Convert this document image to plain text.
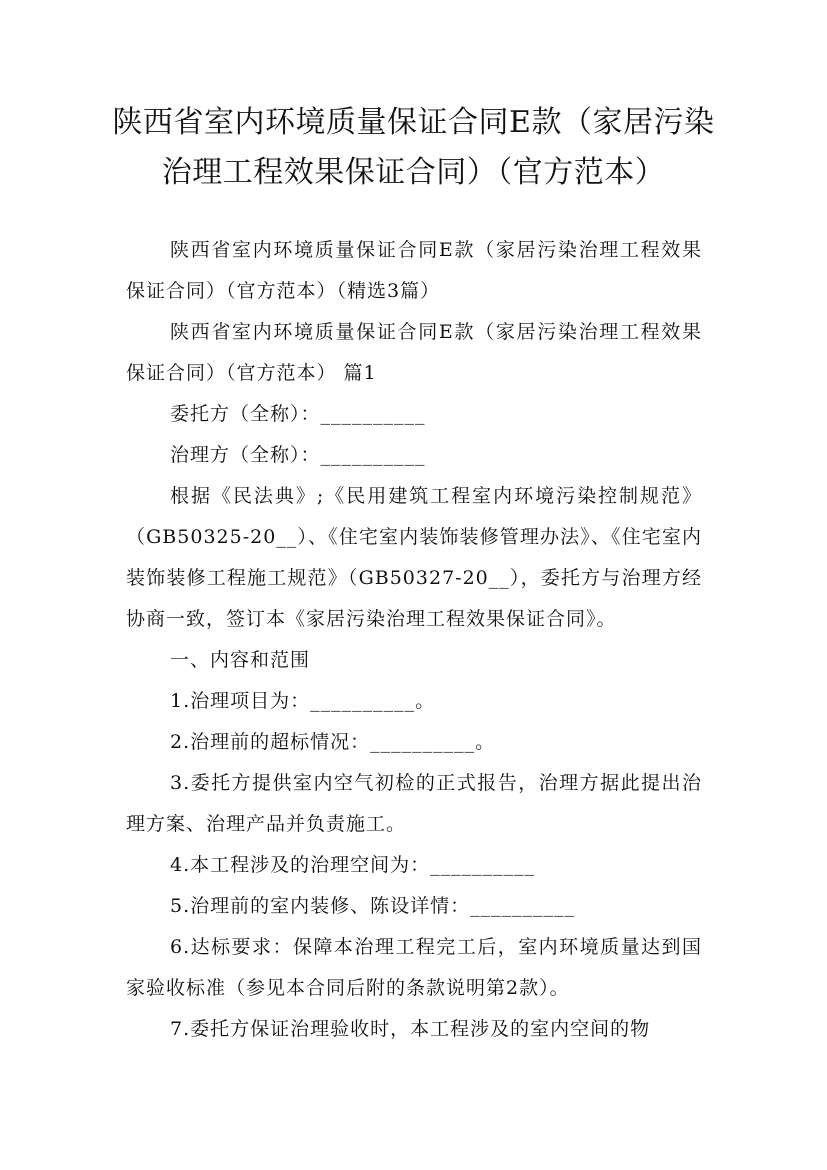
陕西省室内环境质量保证合同E款（家居污染治理工程效果保证合同）（官方范本）

陕西省室内环境质量保证合同E款（家居污染治理工程效果保证合同）（官方范本）（精选3篇）

陕西省室内环境质量保证合同E款（家居污染治理工程效果保证合同）（官方范本） 篇1

委托方（全称）：__________

治理方（全称）：__________

根据《民法典》;《民用建筑工程室内环境污染控制规范》（GB50325-20__）、《住宅室内装饰装修管理办法》、《住宅室内装饰装修工程施工规范》（GB50327-20__），委托方与治理方经协商一致，签订本《家居污染治理工程效果保证合同》。

一、内容和范围

1.治理项目为：__________。

2.治理前的超标情况：__________。

3.委托方提供室内空气初检的正式报告，治理方据此提出治理方案、治理产品并负责施工。

4.本工程涉及的治理空间为：__________

5.治理前的室内装修、陈设详情：__________

6.达标要求：保障本治理工程完工后，室内环境质量达到国家验收标准（参见本合同后附的条款说明第2款）。

7.委托方保证治理验收时，本工程涉及的室内空间的物
